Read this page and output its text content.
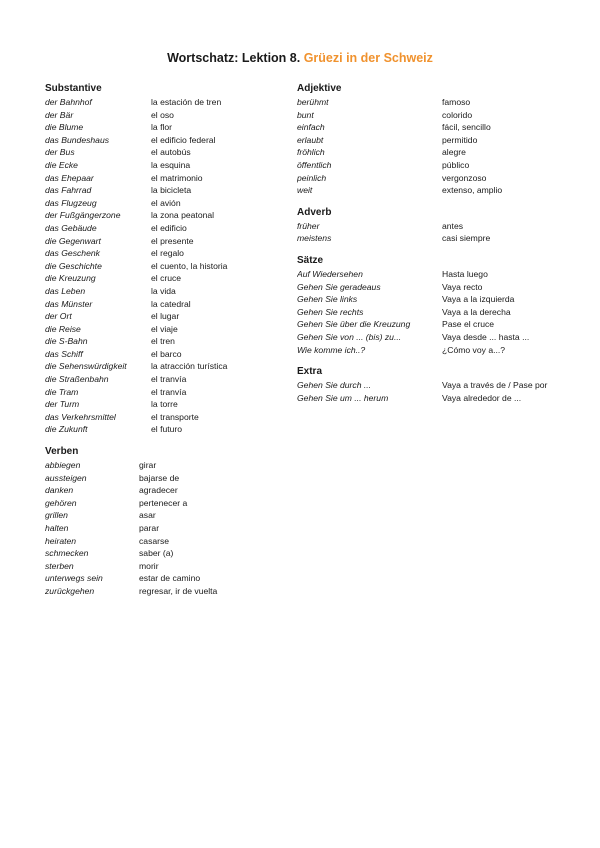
Wortschatz: Lektion 8. Grüezi in der Schweiz
Substantive
der Bahnhof	la estación de tren
der Bär	el oso
die Blume	la flor
das Bundeshaus	el edificio federal
der Bus	el autobús
die Ecke	la esquina
das Ehepaar	el matrimonio
das Fahrrad	la bicicleta
das Flugzeug	el avión
der Fußgängerzone	la zona peatonal
das Gebäude	el edificio
die Gegenwart	el presente
das Geschenk	el regalo
die Geschichte	el cuento, la historia
die Kreuzung	el cruce
das Leben	la vida
das Münster	la catedral
der Ort	el lugar
die Reise	el viaje
die S-Bahn	el tren
das Schiff	el barco
die Sehenswürdigkeit	la atracción turística
die Straßenbahn	el tranvía
die Tram	el tranvía
der Turm	la torre
das Verkehrsmittel	el transporte
die Zukunft	el futuro
Verben
abbiegen	girar
aussteigen	bajarse de
danken	agradecer
gehören	pertenecer a
grillen	asar
halten	parar
heiraten	casarse
schmecken	saber (a)
sterben	morir
unterwegs sein	estar de camino
zurückgehen	regresar, ir de vuelta
Adjektive
berühmt	famoso
bunt	colorido
einfach	fácil, sencillo
erlaubt	permitido
fröhlich	alegre
öffentlich	público
peinlich	vergonzoso
weit	extenso, amplio
Adverb
früher	antes
meistens	casi siempre
Sätze
Auf Wiedersehen	Hasta luego
Gehen Sie geradeaus	Vaya recto
Gehen Sie links	Vaya a la izquierda
Gehen Sie rechts	Vaya a la derecha
Gehen Sie über die Kreuzung	Pase el cruce
Gehen Sie von ... (bis) zu...	Vaya desde ... hasta ...
Wie komme ich..?	¿Cómo voy a...?
Extra
Gehen Sie durch ...	Vaya a través de / Pase por
Gehen Sie um ... herum	Vaya alrededor de ...
